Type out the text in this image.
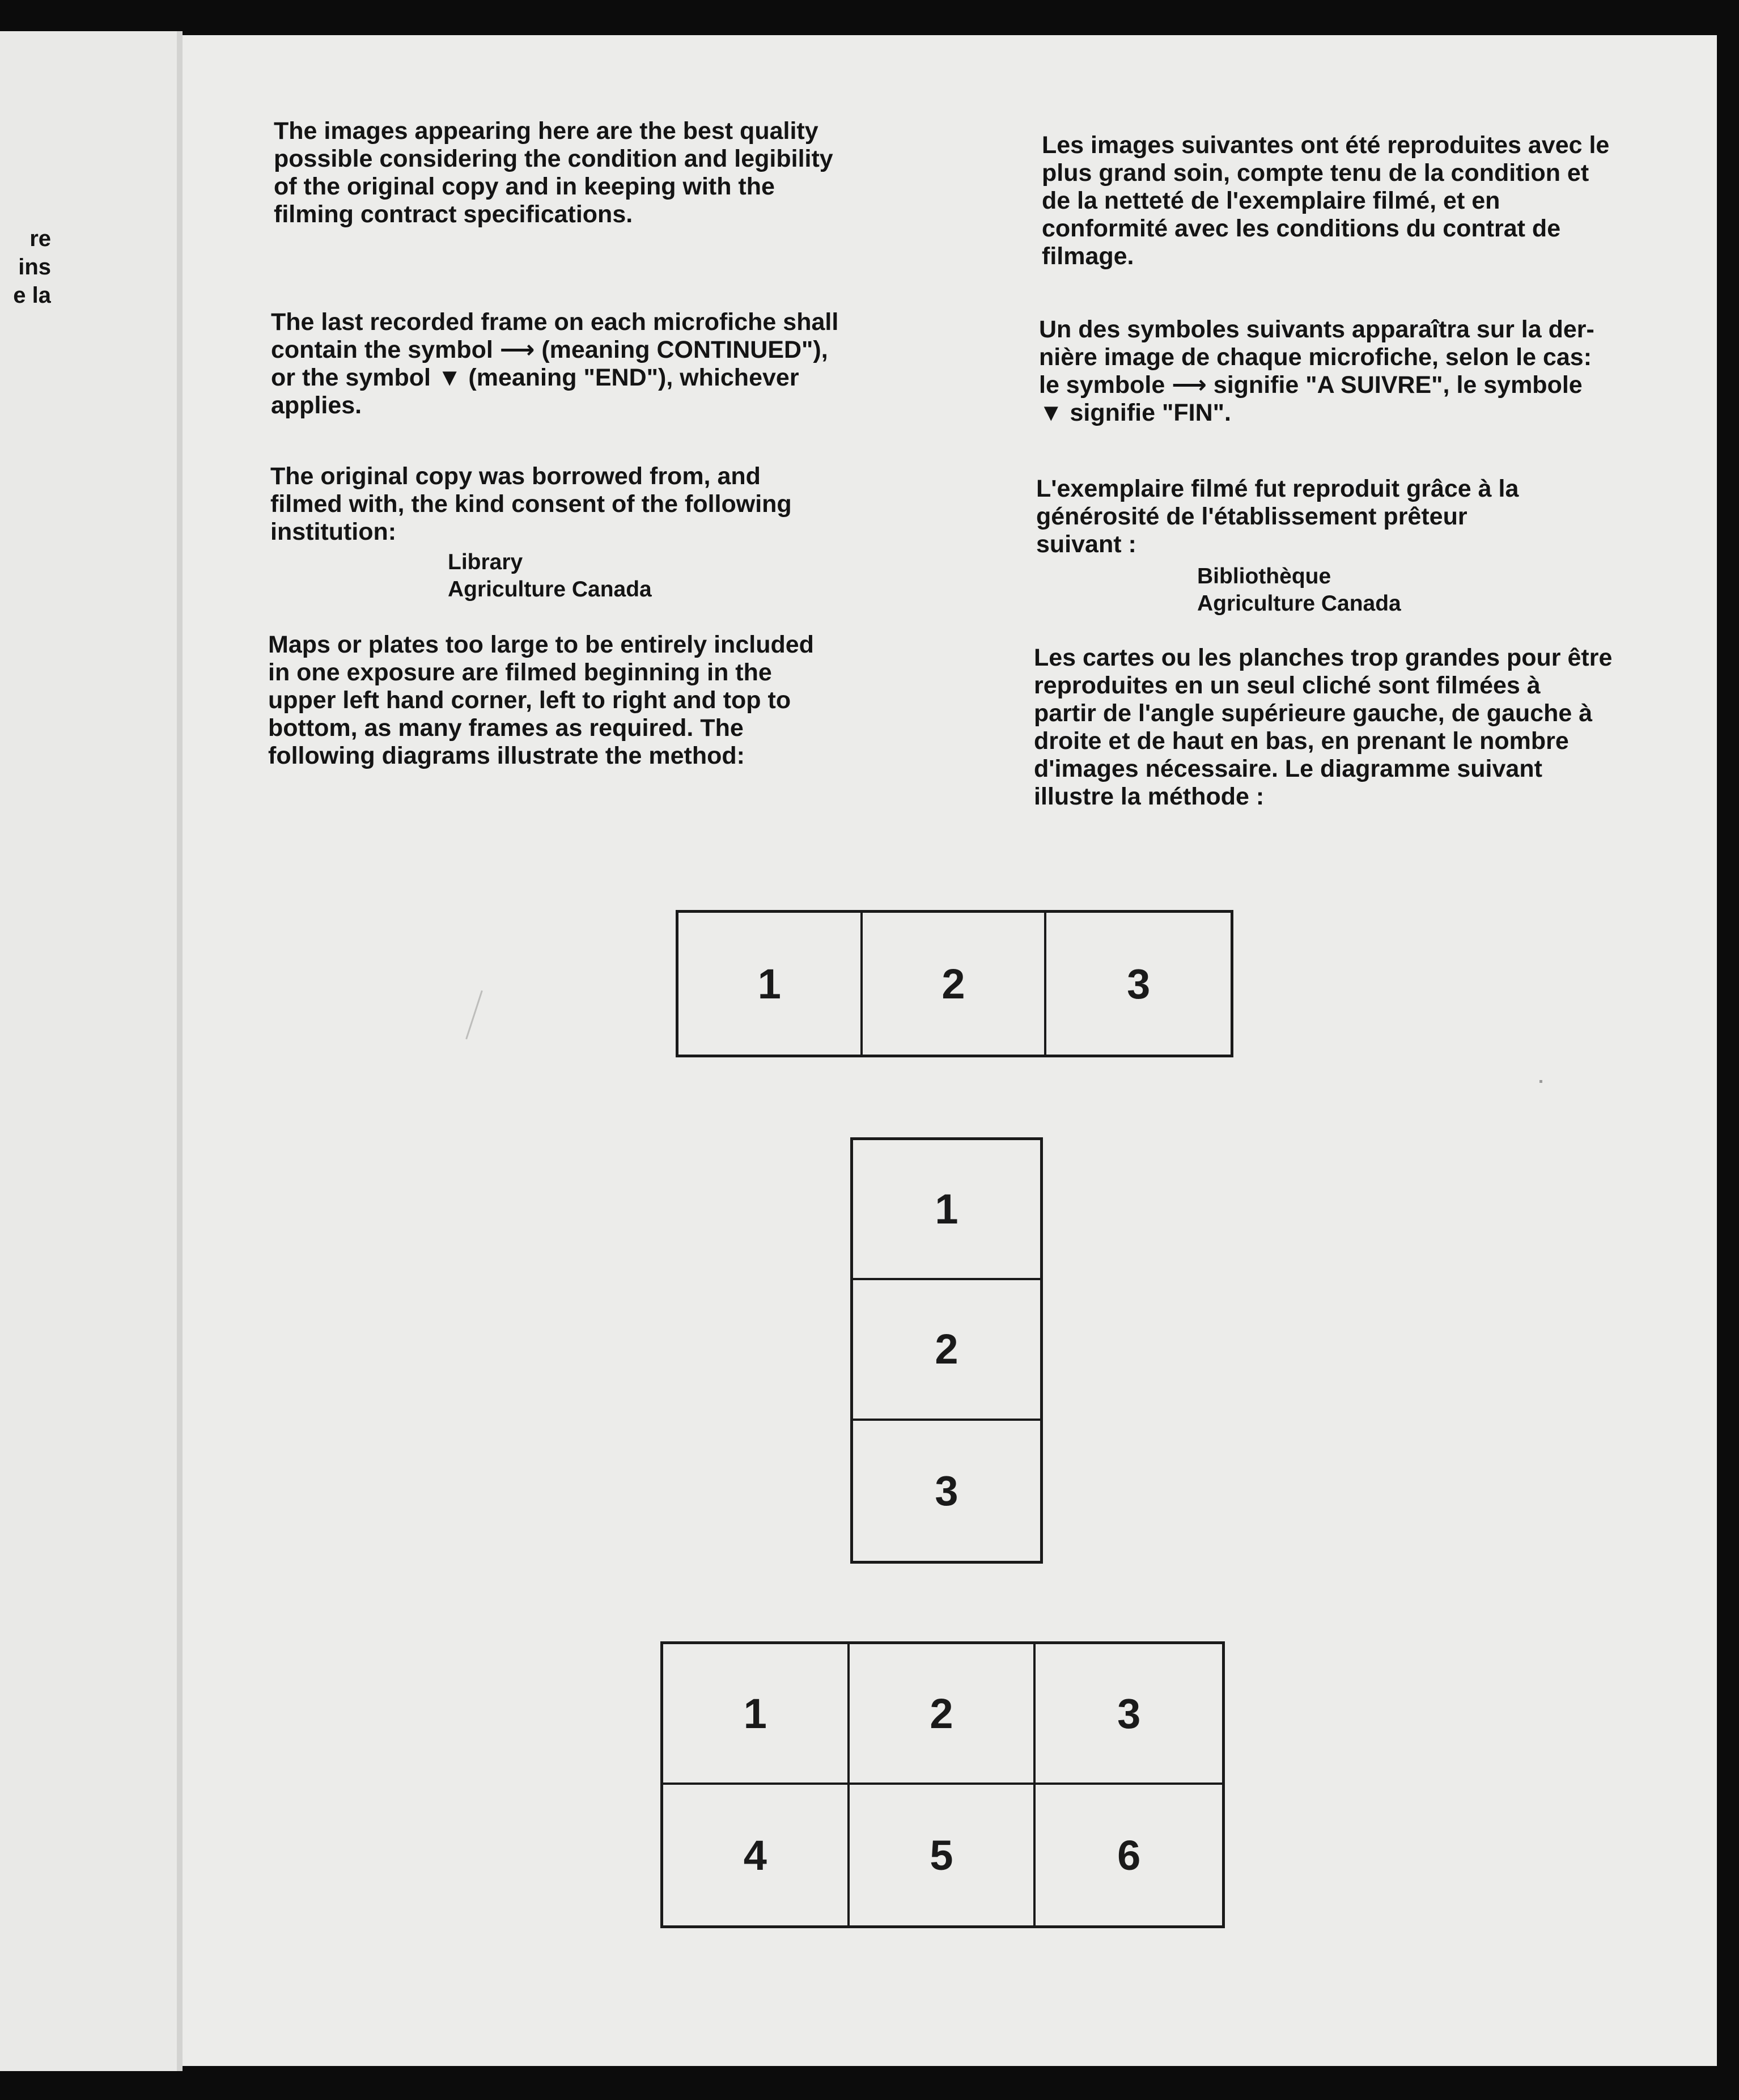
re
ins
e la

The images appearing here are the best quality
possible considering the condition and legibility
of the original copy and in keeping with the
filming contract specifications.

The last recorded frame on each microfiche shall
contain the symbol ⟶ (meaning CONTINUED"),
or the symbol ▼ (meaning "END"), whichever
applies.

The original copy was borrowed from, and
filmed with, the kind consent of the following
institution:

Library
Agriculture Canada

Maps or plates too large to be entirely included
in one exposure are filmed beginning in the
upper left hand corner, left to right and top to
bottom, as many frames as required. The
following diagrams illustrate the method:

Les images suivantes ont été reproduites avec le
plus grand soin, compte tenu de la condition et
de la netteté de l'exemplaire filmé, et en
conformité avec les conditions du contrat de
filmage.

Un des symboles suivants apparaîtra sur la der-
nière image de chaque microfiche, selon le cas:
le symbole ⟶ signifie "A SUIVRE", le symbole
▼ signifie "FIN".

L'exemplaire filmé fut reproduit grâce à la
générosité de l'établissement prêteur
suivant :

Bibliothèque
Agriculture Canada

Les cartes ou les planches trop grandes pour être
reproduites en un seul cliché sont filmées à
partir de l'angle supérieure gauche, de gauche à
droite et de haut en bas, en prenant le nombre
d'images nécessaire. Le diagramme suivant
illustre la méthode :

1	2	3
1
2
3
1	2	3
4	5	6
